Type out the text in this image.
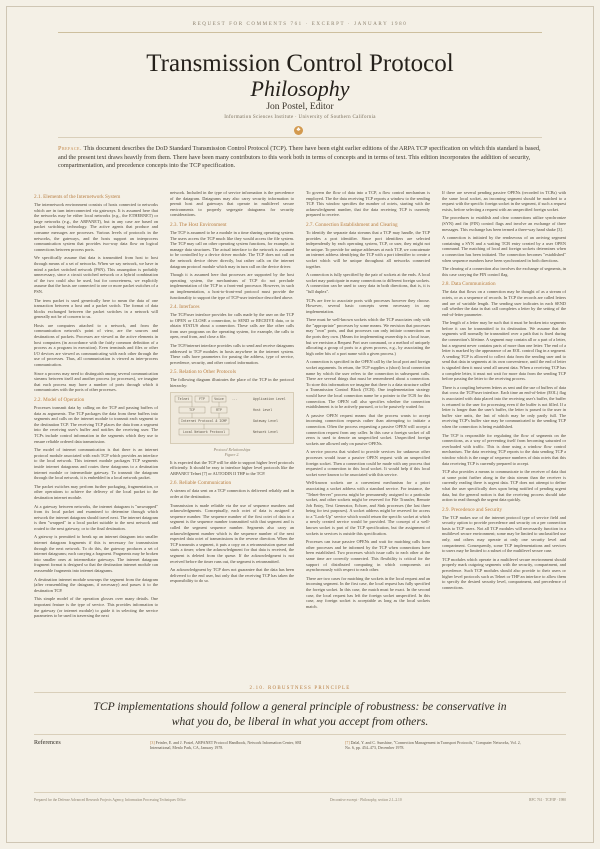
REQUEST FOR COMMENTS 761 · EXCERPT · JANUARY 1980
Transmission Control Protocol
Philosophy
Jon Postel, Editor
Information Sciences Institute · University of Southern California
♣
Preface. This document describes the DoD Standard Transmission Control Protocol (TCP). There have been eight earlier editions of the ARPA TCP specification on which this standard is based, and the present text draws heavily from them. There have been many contributors to this work both in terms of concepts and in terms of text. This edition incorporates the addition of security, compartmentation, and precedence concepts into the TCP specification.
2.1. Elements of the Internetwork System

The internetwork environment consists of hosts connected to networks which are in turn interconnected via gateways. It is assumed here that the networks may be either local networks (e.g., the ETHERNET) or large networks (e.g., the ARPANET), but in any case are based on packet switching technology. The active agents that produce and consume messages are processes. Various levels of protocols in the networks, the gateways, and the hosts support an interprocess communication system that provides two-way data flow on logical connections between process ports.

We specifically assume that data is transmitted from host to host through means of a set of networks. When we say network, we have in mind a packet switched network (PSN). This assumption is probably unnecessary, since a circuit switched network or a hybrid combination of the two could also be used, but for concreteness, we explicitly assume that the hosts are connected to one or more packet switches of a PSN.

The term packet is used generically here to mean the data of one transaction between a host and a packet switch. The format of data blocks exchanged between the packet switches in a network will generally not be of concern to us.

Hosts are computers attached to a network, and from the communication network's point of view, are the sources and destinations of packets. Processes are viewed as the active elements in host computers (in accordance with the fairly common definition of a process as a program in execution). Even terminals and files or other I/O devices are viewed as communicating with each other through the use of processes. Thus, all communication is viewed as inter-process communication.

Since a process may need to distinguish among several communication streams between itself and another process (or processes), we imagine that each process may have a number of ports through which it communicates with the ports of other processes.

2.2. Model of Operation

Processes transmit data by calling on the TCP and passing buffers of data as arguments. The TCP packages the data from these buffers into segments and calls on the internet module to transmit each segment to the destination TCP. The receiving TCP places the data from a segment into the receiving user's buffer and notifies the receiving user. The TCPs include control information in the segments which they use to ensure reliable ordered data transmission.

The model of internet communication is that there is an internet protocol module associated with each TCP which provides an interface to the local network. This internet module packages TCP segments inside internet datagrams and routes these datagrams to a destination internet module or intermediate gateway. To transmit the datagram through the local network, it is embedded in a local network packet.

The packet switches may perform further packaging, fragmentation, or other operations to achieve the delivery of the local packet to the destination internet module.

At a gateway between networks, the internet datagram is "unwrapped" from its local packet and examined to determine through which network the internet datagram should travel next. The internet datagram is then "wrapped" in a local packet suitable to the next network and routed to the next gateway, or to the final destination.

A gateway is permitted to break up an internet datagram into smaller internet datagram fragments if this is necessary for transmission through the next network. To do this, the gateway produces a set of internet datagrams; each carrying a fragment. Fragments may be broken into smaller ones at intermediate gateways. The internet datagram fragment format is designed so that the destination internet module can reassemble fragments into internet datagrams.

A destination internet module unwraps the segment from the datagram (after reassembling the datagram, if necessary) and passes it to the destination TCP.

This simple model of the operation glosses over many details. One important feature is the type of service. This provides information to the gateway (or internet module) to guide it in selecting the service parameters to be used in traversing the next

network. Included in the type of service information is the precedence of the datagram. Datagrams may also carry security information to permit host and gateways that operate in multilevel secure environments to properly segregate datagrams for security considerations.

2.3. The Host Environment

The TCP is assumed to be a module in a time sharing operating system. The users access the TCP much like they would access the file system. The TCP may call on other operating system functions, for example, to manage data structures. The actual interface to the network is assumed to be controlled by a device driver module. The TCP does not call on the network device driver directly, but rather calls on the internet datagram protocol module which may in turn call on the device driver.

Though it is assumed here that processes are supported by the host operating system, the mechanisms of TCP do not preclude implementation of the TCP in a front-end processor. However, in such an implementation, a host-to-front-end protocol must provide the functionality to support the type of TCP-user interface described above.

2.4. Interfaces

The TCP/user interface provides for calls made by the user on the TCP to OPEN or CLOSE a connection, to SEND or RECEIVE data, or to obtain STATUS about a connection. These calls are like other calls from user programs on the operating system, for example, the calls to open, read from, and close a file.

The TCP/internet interface provides calls to send and receive datagrams addressed to TCP modules in hosts anywhere in the internet system. These calls have parameters for passing the address, type of service, precedence, security, and other control information.

2.5. Relation to Other Protocols

The following diagram illustrates the place of the TCP in the protocol hierarchy:

Telnet	FTP	Voice	...	Application Level
TCP	RTP	Host Level
Internet Protocol & ICMP	Gateway Level
Local Network Protocol	Network Level
Protocol Relationships
Figure 2.

It is expected that the TCP will be able to support higher level protocols efficiently. It should be easy to interface higher level protocols like the ARPANET Telnet [7] or AUTODIN II THP to the TCP.

2.6. Reliable Communication

A stream of data sent on a TCP connection is delivered reliably and in order at the destination.

Transmission is made reliable via the use of sequence numbers and acknowledgments. Conceptually, each octet of data is assigned a sequence number. The sequence number of the first octet of data in a segment is the sequence number transmitted with that segment and is called the segment sequence number. Segments also carry an acknowledgment number which is the sequence number of the next expected data octet of transmissions in the reverse direction. When the TCP transmits a segment, it puts a copy on a retransmission queue and starts a timer; when the acknowledgment for that data is received, the segment is deleted from the queue. If the acknowledgment is not received before the timer runs out, the segment is retransmitted.

An acknowledgment by TCP does not guarantee that the data has been delivered to the end user, but only that the receiving TCP has taken the responsibility to do so.

To govern the flow of data into a TCP, a flow control mechanism is employed. The the data receiving TCP reports a window to the sending TCP. This window specifies the number of octets, starting with the acknowledgment number, that the data receiving TCP is currently prepared to receive.

2.7. Connection Establishment and Clearing

To identify the separate data streams that a TCP may handle, the TCP provides a port identifier. Since port identifiers are selected independently by each operating system, TCP, or user, they might not be unique. To provide for unique addresses at each TCP, we concatenate an internet address identifying the TCP with a port identifier to create a socket which will be unique throughout all networks connected together.

A connection is fully specified by the pair of sockets at the ends. A local socket may participate in many connections to different foreign sockets. A connection can be used to carry data in both directions, that is, it is "full duplex".

TCPs are free to associate ports with processes however they choose. However, several basic concepts seem necessary in any implementation.

There must be well-known sockets which the TCP associates only with the "appropriate" processes by some means. We envision that processes may "own" ports, and that processes can only initiate connections on the ports they own. (Means for implementing ownership is a local issue, but we envision a Request Port user command, or a method of uniquely allocating a group of ports to a given process, e.g., by associating the high order bits of a port name with a given process.)

A connection is specified in the OPEN call by the local port and foreign socket arguments. In return, the TCP supplies a (short) local connection name by which the user refers to the connection in subsequent calls. There are several things that must be remembered about a connection. To store this information we imagine that there is a data structure called a Transmission Control Block (TCB). One implementation strategy would have the local connection name be a pointer to the TCB for this connection. The OPEN call also specifies whether the connection establishment is to be actively pursued, or to be passively waited for.

A passive OPEN request means that the process wants to accept incoming connection requests rather than attempting to initiate a connection. Often the process requesting a passive OPEN will accept a connection request from any caller. In this case a foreign socket of all zeros is used to denote an unspecified socket. Unspecified foreign sockets are allowed only on passive OPENs.

A service process that wished to provide services for unknown other processes would issue a passive OPEN request with an unspecified foreign socket. Then a connection could be made with any process that requested a connection to this local socket. It would help if this local socket were known to be associated with this service.

Well-known sockets are a convenient mechanism for a priori associating a socket address with a standard service. For instance, the "Telnet-Server" process might be permanently assigned to a particular socket, and other sockets might be reserved for File Transfer, Remote Job Entry, Text Generator, Echoer, and Sink processes (the last three being for test purposes). A socket address might be reserved for access to a "Look-Up" service which would return the specific socket at which a newly created service would be provided. The concept of a well-known socket is part of the TCP specification, but the assignment of sockets to services is outside this specification.

Processes can issue passive OPENs and wait for matching calls from other processes and be informed by the TCP when connections have been established. Two processes which issue calls to each other at the same time are correctly connected. This flexibility is critical for the support of distributed computing in which components act asynchronously with respect to each other.

There are two cases for matching the sockets in the local request and an incoming segment. In the first case, the local request has fully specified the foreign socket. In this case, the match must be exact. In the second case, the local request has left the foreign socket unspecified. In this case, any foreign socket is acceptable as long as the local sockets match.

If there are several pending passive OPENs (recorded in TCBs) with the same local socket, an incoming segment should be matched to a request with the specific foreign socket in the segment, if such a request exists, before selecting a request with an unspecified foreign socket.

The procedures to establish and clear connections utilize synchronize (SYN) and fin (FIN) control flags and involve an exchange of three messages. This exchange has been termed a three-way hand shake [3].

A connection is initiated by the rendezvous of an arriving segment containing a SYN and a waiting TCB entry created by a user OPEN command. The matching of local and foreign sockets determines when a connection has been initiated. The connection becomes "established" when sequence numbers have been synchronized in both directions.

The clearing of a connection also involves the exchange of segments, in this case carrying the FIN control flag.

2.8. Data Communication

The data that flows on a connection may be thought of as a stream of octets, or as a sequence of records. In TCP the records are called letters and are of variable length. The sending user indicates in each SEND call whether the data in that call completes a letter by the setting of the end-of-letter parameter.

The length of a letter may be such that it must be broken into segments before it can be transmitted to its destination. We assume that the segments will normally be transmitted over a path that is fixed during the connection's lifetime. A segment may contain all or a part of a letter, but a segment never contains parts of more than one letter. The end of a letter is marked by the appearance of an EOL control flag in a segment. A sending TCP is allowed to collect data from the sending user and to send that data in segments at its own convenience, until the end of letter is signaled then it must send all unsent data. When a receiving TCP has a complete letter, it must not wait for more data from the sending TCP before passing the letter to the receiving process.

There is a coupling between letters as sent and the use of buffers of data that cross the TCP/user interface. Each time an end-of-letter (EOL) flag is associated with data placed into the receiving user's buffer, the buffer is returned to the user for processing even if the buffer is not filled. If a letter is longer than the user's buffer, the letter is passed to the user in buffer size units, the last of which may be only partly full. The receiving TCP's buffer size may be communicated to the sending TCP when the connection is being established.

The TCP is responsible for regulating the flow of segments on the connections, as a way of preventing itself from becoming saturated or overloaded with traffic. This is done using a window flow control mechanism. The data receiving TCP reports to the data sending TCP a window which is the range of sequence numbers of data octets that this data receiving TCP is currently prepared to accept.

TCP also provides a means to communicate to the receiver of data that at some point further along in the data stream than the receiver is currently reading there is urgent data. TCP does not attempt to define what the user specifically does upon being notified of pending urgent data, but the general notion is that the receiving process should take action to read through the urgent data quickly.

2.9. Precedence and Security

The TCP makes use of the internet protocol type of service field and security option to provide precedence and security on a per connection basis to TCP users. Not all TCP modules will necessarily function in a multilevel secure environment; some may be limited to unclassified use only, and others may operate at only one security level and compartment. Consequently, some TCP implementations and services to users may be limited to a subset of the multilevel secure case.

TCP modules which operate in a multilevel secure environment should properly mark outgoing segments with the security, compartment, and precedence. Such TCP modules should also provide to their users or higher level protocols such as Telnet or THP an interface to allow them to specify the desired security level, compartment, and precedence of connections.

2.10. ROBUSTNESS PRINCIPLE
TCP implementations should follow a general principle of robustness: be conservative in what you do, be liberal in what you accept from others.
References	[3] Feinler, E. and J. Postel, ARPANET Protocol Handbook, Network Information Center, SRI International, Menlo Park, CA, January 1978.
[7] Dalal, Y. and C. Sunshine, "Connection Management in Transport Protocols," Computer Networks, Vol. 2, No. 6, pp. 454–473, December 1978.
Prepared for the Defense Advanced Research Projects Agency, Information Processing Techniques Office	Decorative excerpt · Philosophy, section 2.1–2.10	RFC 761 · TCP/IP · 1980
